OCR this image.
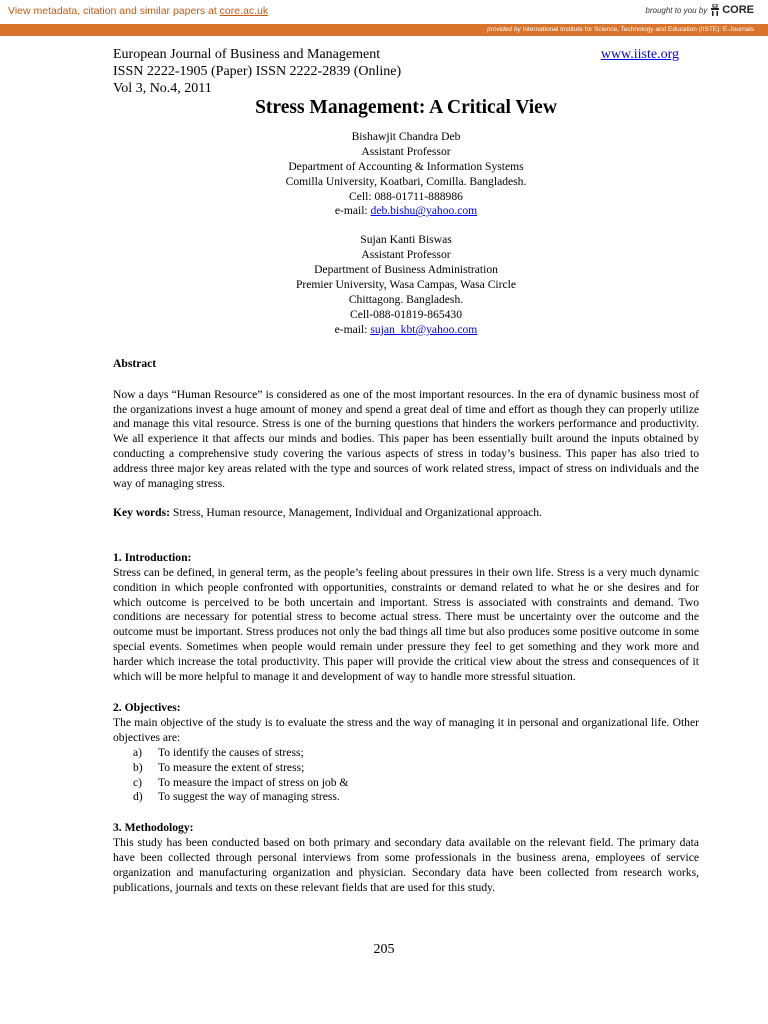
View metadata, citation and similar papers at core.ac.uk	brought to you by CORE
provided by International Institute for Science, Technology and Education (IISTE): E-Journals
European Journal of Business and Management
ISSN 2222-1905 (Paper) ISSN 2222-2839 (Online)
Vol 3, No.4, 2011
www.iiste.org
Stress Management: A Critical View
Bishawjit Chandra Deb
Assistant Professor
Department of Accounting & Information Systems
Comilla University, Koatbari, Comilla. Bangladesh.
Cell: 088-01711-888986
e-mail: deb.bishu@yahoo.com
Sujan Kanti Biswas
Assistant Professor
Department of Business Administration
Premier University, Wasa Campas, Wasa Circle
Chittagong. Bangladesh.
Cell-088-01819-865430
e-mail: sujan_kbt@yahoo.com
Abstract

Now a days “Human Resource” is considered as one of the most important resources. In the era of dynamic business most of the organizations invest a huge amount of money and spend a great deal of time and effort as though they can properly utilize and manage this vital resource. Stress is one of the burning questions that hinders the workers performance and productivity. We all experience it that affects our minds and bodies. This paper has been essentially built around the inputs obtained by conducting a comprehensive study covering the various aspects of stress in today’s business. This paper has also tried to address three major key areas related with the type and sources of work related stress, impact of stress on individuals and the way of managing stress.

Key words: Stress, Human resource, Management, Individual and Organizational approach.

1. Introduction:

Stress can be defined, in general term, as the people’s feeling about pressures in their own life. Stress is a very much dynamic condition in which people confronted with opportunities, constraints or demand related to what he or she desires and for which outcome is perceived to be both uncertain and important. Stress is associated with constraints and demand. Two conditions are necessary for potential stress to become actual stress. There must be uncertainty over the outcome and the outcome must be important. Stress produces not only the bad things all time but also produces some positive outcome in some special events. Sometimes when people would remain under pressure they feel to get something and they work more and harder which increase the total productivity. This paper will provide the critical view about the stress and consequences of it which will be more helpful to manage it and development of way to handle more stressful situation.

2. Objectives:

The main objective of the study is to evaluate the stress and the way of managing it in personal and organizational life. Other objectives are:

a)	To identify the causes of stress;
b)	To measure the extent of stress;
c)	To measure the impact of stress on job &
d)	To suggest the way of managing stress.
3. Methodology:

This study has been conducted based on both primary and secondary data available on the relevant field. The primary data have been collected through personal interviews from some professionals in the business arena, employees of service organization and manufacturing organization and physician. Secondary data have been collected from research works, publications, journals and texts on these relevant fields that are used for this study.

205
